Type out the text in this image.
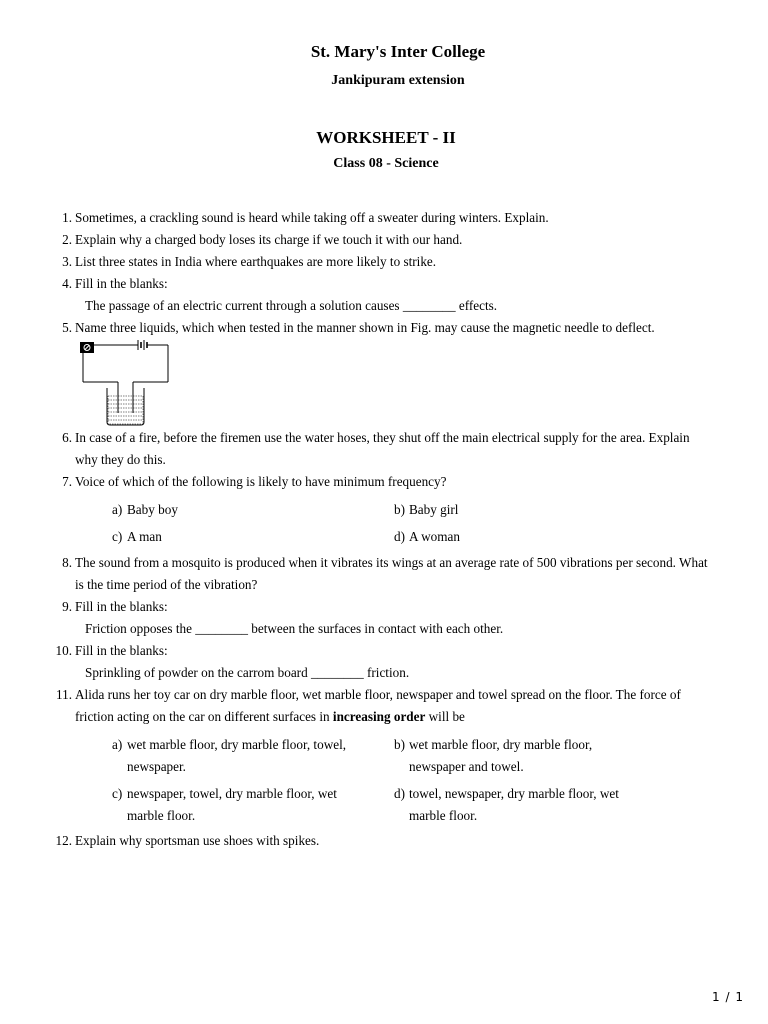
St. Mary's Inter College
Jankipuram extension
WORKSHEET - II
Class 08 - Science
1. Sometimes, a crackling sound is heard while taking off a sweater during winters. Explain.
2. Explain why a charged body loses its charge if we touch it with our hand.
3. List three states in India where earthquakes are more likely to strike.
4. Fill in the blanks:
The passage of an electric current through a solution causes ________ effects.
5. Name three liquids, which when tested in the manner shown in Fig. may cause the magnetic needle to deflect.
6. In case of a fire, before the firemen use the water hoses, they shut off the main electrical supply for the area. Explain
why they do this.
7. Voice of which of the following is likely to have minimum frequency?
a) Baby boy	b) Baby girl
c) A man	d) A woman
8. The sound from a mosquito is produced when it vibrates its wings at an average rate of 500 vibrations per second. What
is the time period of the vibration?
9. Fill in the blanks:
Friction opposes the ________ between the surfaces in contact with each other.
10. Fill in the blanks:
Sprinkling of powder on the carrom board ________ friction.
11. Alida runs her toy car on dry marble floor, wet marble floor, newspaper and towel spread on the floor. The force of
friction acting on the car on different surfaces in increasing order will be
a) wet marble floor, dry marble floor, towel,
newspaper.
b) wet marble floor, dry marble floor,
newspaper and towel.
c) newspaper, towel, dry marble floor, wet
marble floor.
d) towel, newspaper, dry marble floor, wet
marble floor.
12. Explain why sportsman use shoes with spikes.
1 / 1
